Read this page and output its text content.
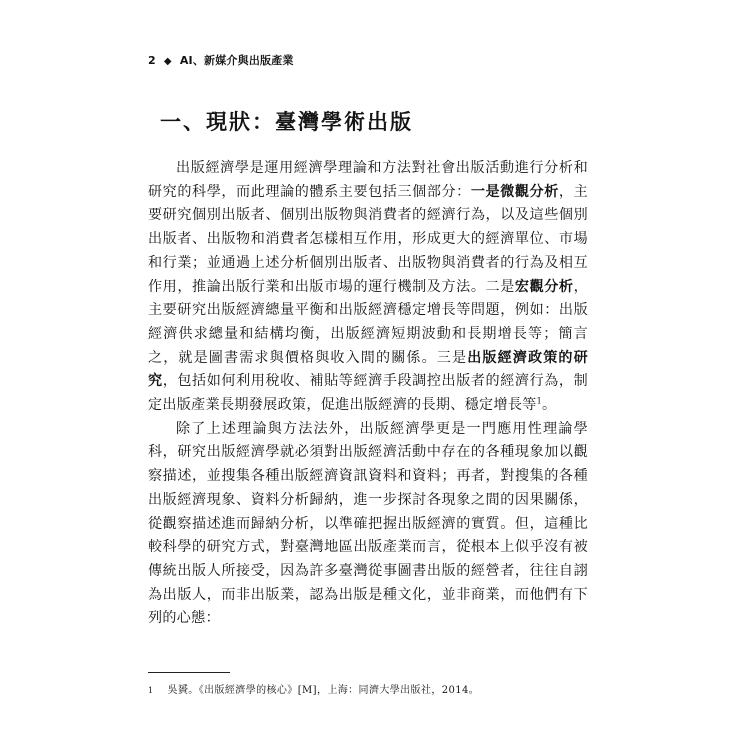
2 ◆ AI、新媒介與出版產業
一、現狀：臺灣學術出版

出版經濟學是運用經濟學理論和方法對社會出版活動進行分析和研究的科學，而此理論的體系主要包括三個部分：一是微觀分析，主要研究個別出版者、個別出版物與消費者的經濟行為，以及這些個別出版者、出版物和消費者怎樣相互作用，形成更大的經濟單位、市場和行業；並通過上述分析個別出版者、出版物與消費者的行為及相互作用，推論出版行業和出版市場的運行機制及方法。二是宏觀分析，主要研究出版經濟總量平衡和出版經濟穩定增長等問題，例如：出版經濟供求總量和結構均衡，出版經濟短期波動和長期增長等；簡言之，就是圖書需求與價格與收入間的關係。三是出版經濟政策的研究，包括如何利用稅收、補貼等經濟手段調控出版者的經濟行為，制定出版產業長期發展政策，促進出版經濟的長期、穩定增長等$^1$。

除了上述理論與方法法外，出版經濟學更是一門應用性理論學科，研究出版經濟學就必須對出版經濟活動中存在的各種現象加以觀察描述，並搜集各種出版經濟資訊資料和資料；再者，對搜集的各種出版經濟現象、資料分析歸納，進一步探討各現象之間的因果關係，從觀察描述進而歸納分析，以準確把握出版經濟的實質。但，這種比較科學的研究方式，對臺灣地區出版產業而言，從根本上似乎沒有被傳統出版人所接受，因為許多臺灣從事圖書出版的經營者，往往自詡為出版人，而非出版業，認為出版是種文化，並非商業，而他們有下列的心態：

1 吳贇。《出版經濟學的核心》[M]，上海：同濟大學出版社，2014。
